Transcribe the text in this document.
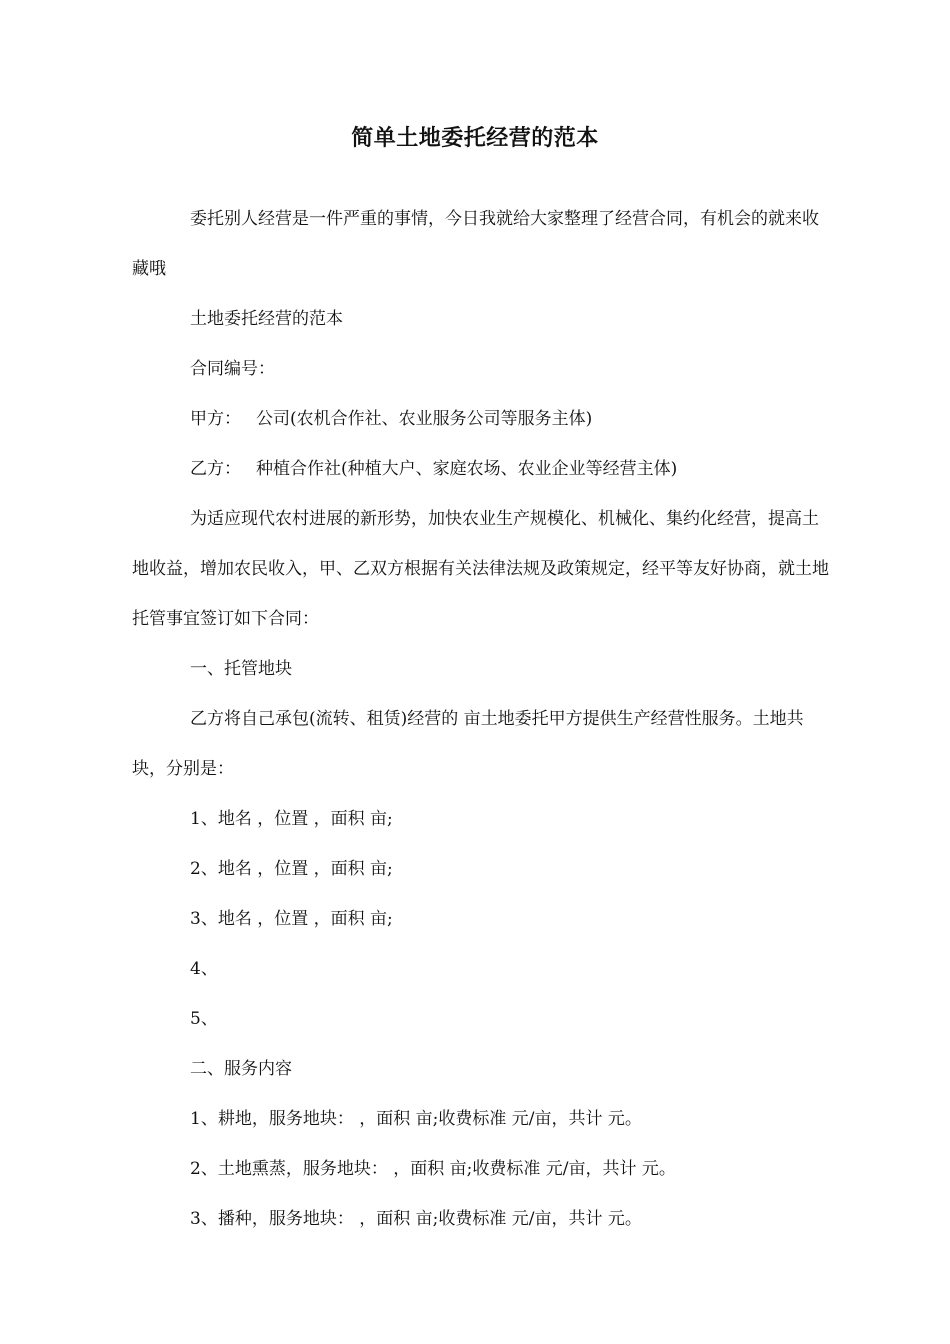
简单土地委托经营的范本

委托别人经营是一件严重的事情，今日我就给大家整理了经营合同，有机会的就来收藏哦

土地委托经营的范本

合同编号：

甲方： 公司(农机合作社、农业服务公司等服务主体)

乙方： 种植合作社(种植大户、家庭农场、农业企业等经营主体)

为适应现代农村进展的新形势，加快农业生产规模化、机械化、集约化经营，提高土地收益，增加农民收入，甲、乙双方根据有关法律法规及政策规定，经平等友好协商，就土地托管事宜签订如下合同：

一、托管地块

乙方将自己承包(流转、租赁)经营的 亩土地委托甲方提供生产经营性服务。土地共 块，分别是：

1、地名 ，位置 ，面积 亩;

2、地名 ，位置 ，面积 亩;

3、地名 ，位置 ，面积 亩;

4、

5、

二、服务内容

1、耕地，服务地块： ，面积 亩;收费标准 元/亩，共计 元。

2、土地熏蒸，服务地块： ，面积 亩;收费标准 元/亩，共计 元。

3、播种，服务地块： ，面积 亩;收费标准 元/亩，共计 元。
